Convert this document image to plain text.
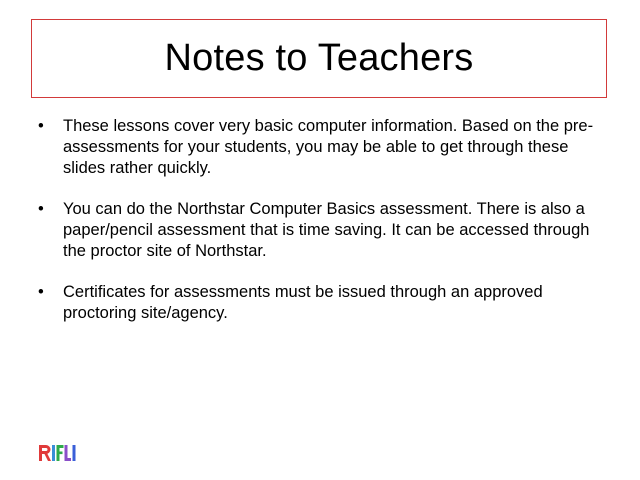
Notes to Teachers
• These lessons cover very basic computer information. Based on the pre-assessments for your students, you may be able to get through these slides rather quickly.
• You can do the Northstar Computer Basics assessment. There is also a paper/pencil assessment that is time saving. It can be accessed through the proctor site of Northstar.
• Certificates for assessments must be issued through an approved proctoring site/agency.
